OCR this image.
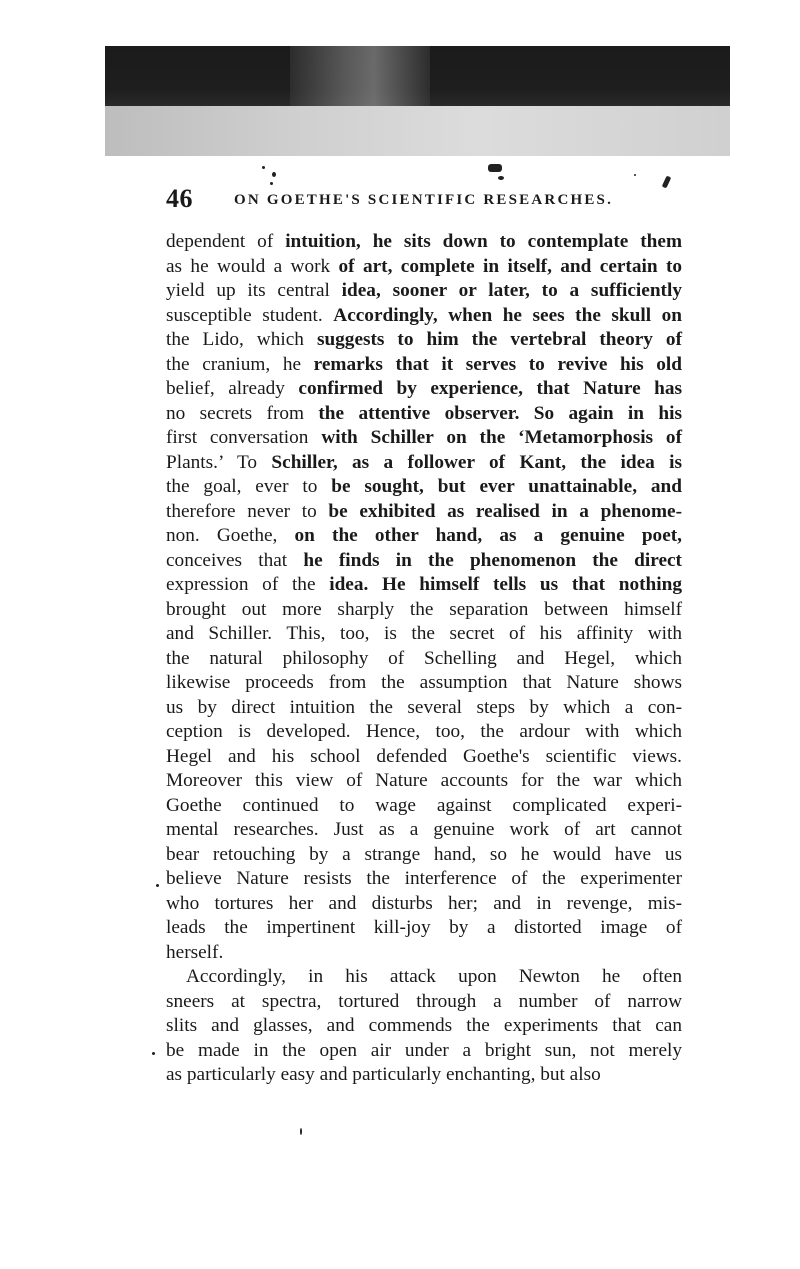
46	ON GOETHE'S SCIENTIFIC RESEARCHES.
dependent of intuition, he sits down to contemplate them
as he would a work of art, complete in itself, and certain to
yield up its central idea, sooner or later, to a sufficiently
susceptible student. Accordingly, when he sees the skull on
the Lido, which suggests to him the vertebral theory of
the cranium, he remarks that it serves to revive his old
belief, already confirmed by experience, that Nature has
no secrets from the attentive observer. So again in his
first conversation with Schiller on the ‘Metamorphosis of
Plants.’ To Schiller, as a follower of Kant, the idea is
the goal, ever to be sought, but ever unattainable, and
therefore never to be exhibited as realised in a phenome-
non. Goethe, on the other hand, as a genuine poet,
conceives that he finds in the phenomenon the direct
expression of the idea. He himself tells us that nothing
brought out more sharply the separation between himself
and Schiller. This, too, is the secret of his affinity with
the natural philosophy of Schelling and Hegel, which
likewise proceeds from the assumption that Nature shows
us by direct intuition the several steps by which a con-
ception is developed. Hence, too, the ardour with which
Hegel and his school defended Goethe's scientific views.
Moreover this view of Nature accounts for the war which
Goethe continued to wage against complicated experi-
mental researches. Just as a genuine work of art cannot
bear retouching by a strange hand, so he would have us
believe Nature resists the interference of the experimenter
who tortures her and disturbs her; and in revenge, mis-
leads the impertinent kill-joy by a distorted image of
herself.
Accordingly, in his attack upon Newton he often
sneers at spectra, tortured through a number of narrow
slits and glasses, and commends the experiments that can
be made in the open air under a bright sun, not merely
as particularly easy and particularly enchanting, but also
